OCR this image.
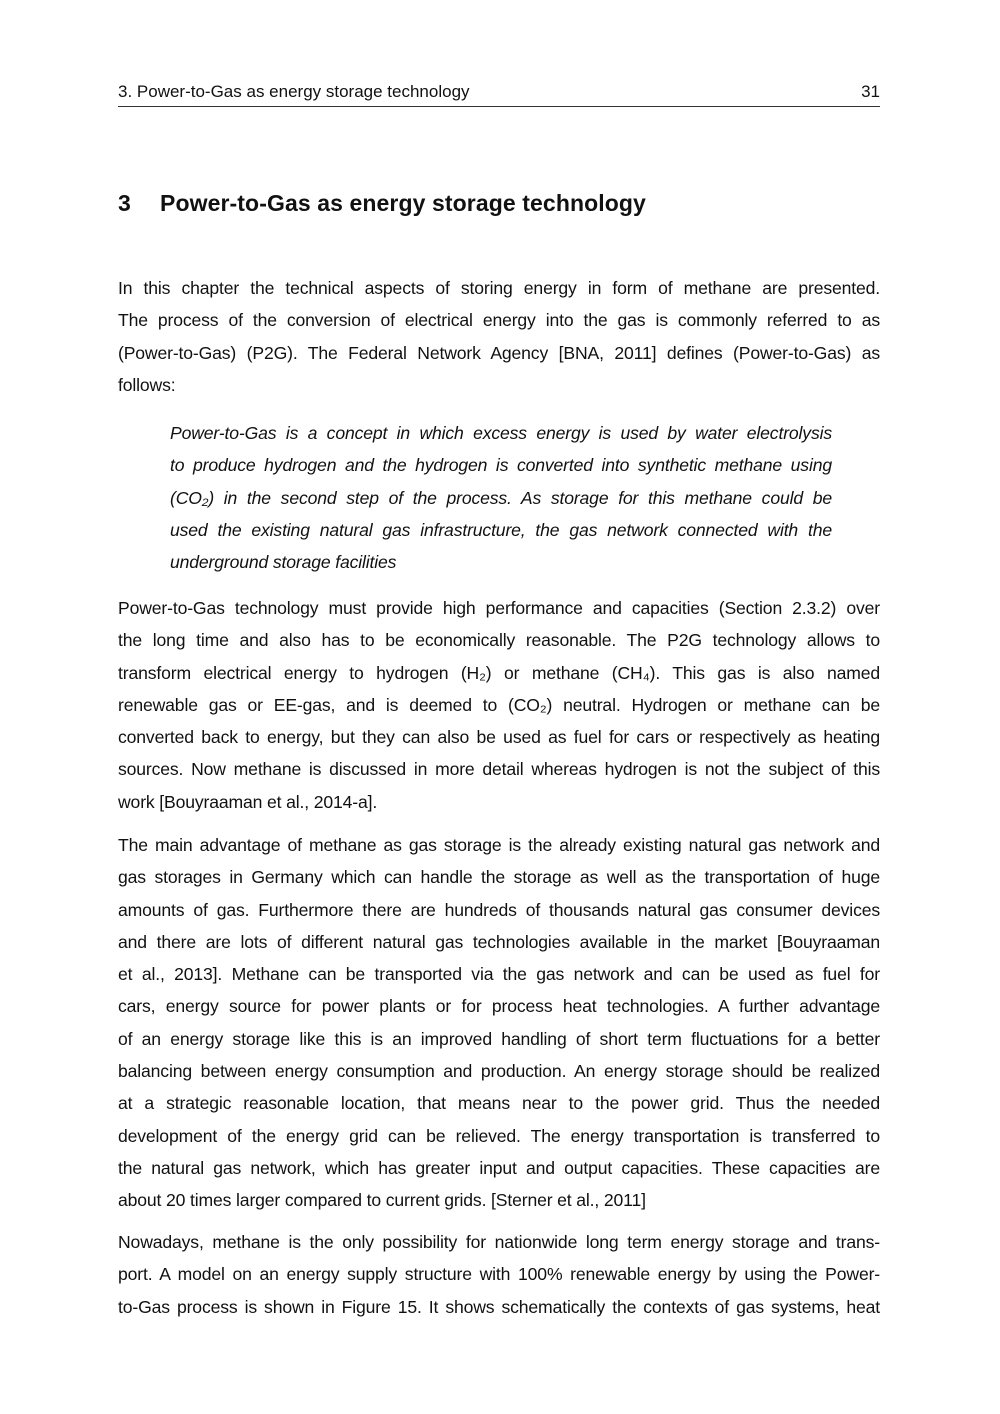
3. Power-to-Gas as energy storage technology	31
3 Power-to-Gas as energy storage technology
In this chapter the technical aspects of storing energy in form of methane are presented.
The process of the conversion of electrical energy into the gas is commonly referred to as
(Power-to-Gas) (P2G). The Federal Network Agency [BNA, 2011] defines (Power-to-Gas) as
follows:
Power-to-Gas is a concept in which excess energy is used by water electrolysis
to produce hydrogen and the hydrogen is converted into synthetic methane using
(CO₂) in the second step of the process. As storage for this methane could be
used the existing natural gas infrastructure, the gas network connected with the
underground storage facilities
Power-to-Gas technology must provide high performance and capacities (Section 2.3.2) over
the long time and also has to be economically reasonable. The P2G technology allows to
transform electrical energy to hydrogen (H₂) or methane (CH₄). This gas is also named
renewable gas or EE-gas, and is deemed to (CO₂) neutral. Hydrogen or methane can be
converted back to energy, but they can also be used as fuel for cars or respectively as heating
sources. Now methane is discussed in more detail whereas hydrogen is not the subject of this
work [Bouyraaman et al., 2014-a].
The main advantage of methane as gas storage is the already existing natural gas network and
gas storages in Germany which can handle the storage as well as the transportation of huge
amounts of gas. Furthermore there are hundreds of thousands natural gas consumer devices
and there are lots of different natural gas technologies available in the market [Bouyraaman
et al., 2013]. Methane can be transported via the gas network and can be used as fuel for
cars, energy source for power plants or for process heat technologies. A further advantage
of an energy storage like this is an improved handling of short term fluctuations for a better
balancing between energy consumption and production. An energy storage should be realized
at a strategic reasonable location, that means near to the power grid. Thus the needed
development of the energy grid can be relieved. The energy transportation is transferred to
the natural gas network, which has greater input and output capacities. These capacities are
about 20 times larger compared to current grids. [Sterner et al., 2011]
Nowadays, methane is the only possibility for nationwide long term energy storage and trans-
port. A model on an energy supply structure with 100% renewable energy by using the Power-
to-Gas process is shown in Figure 15. It shows schematically the contexts of gas systems, heat
